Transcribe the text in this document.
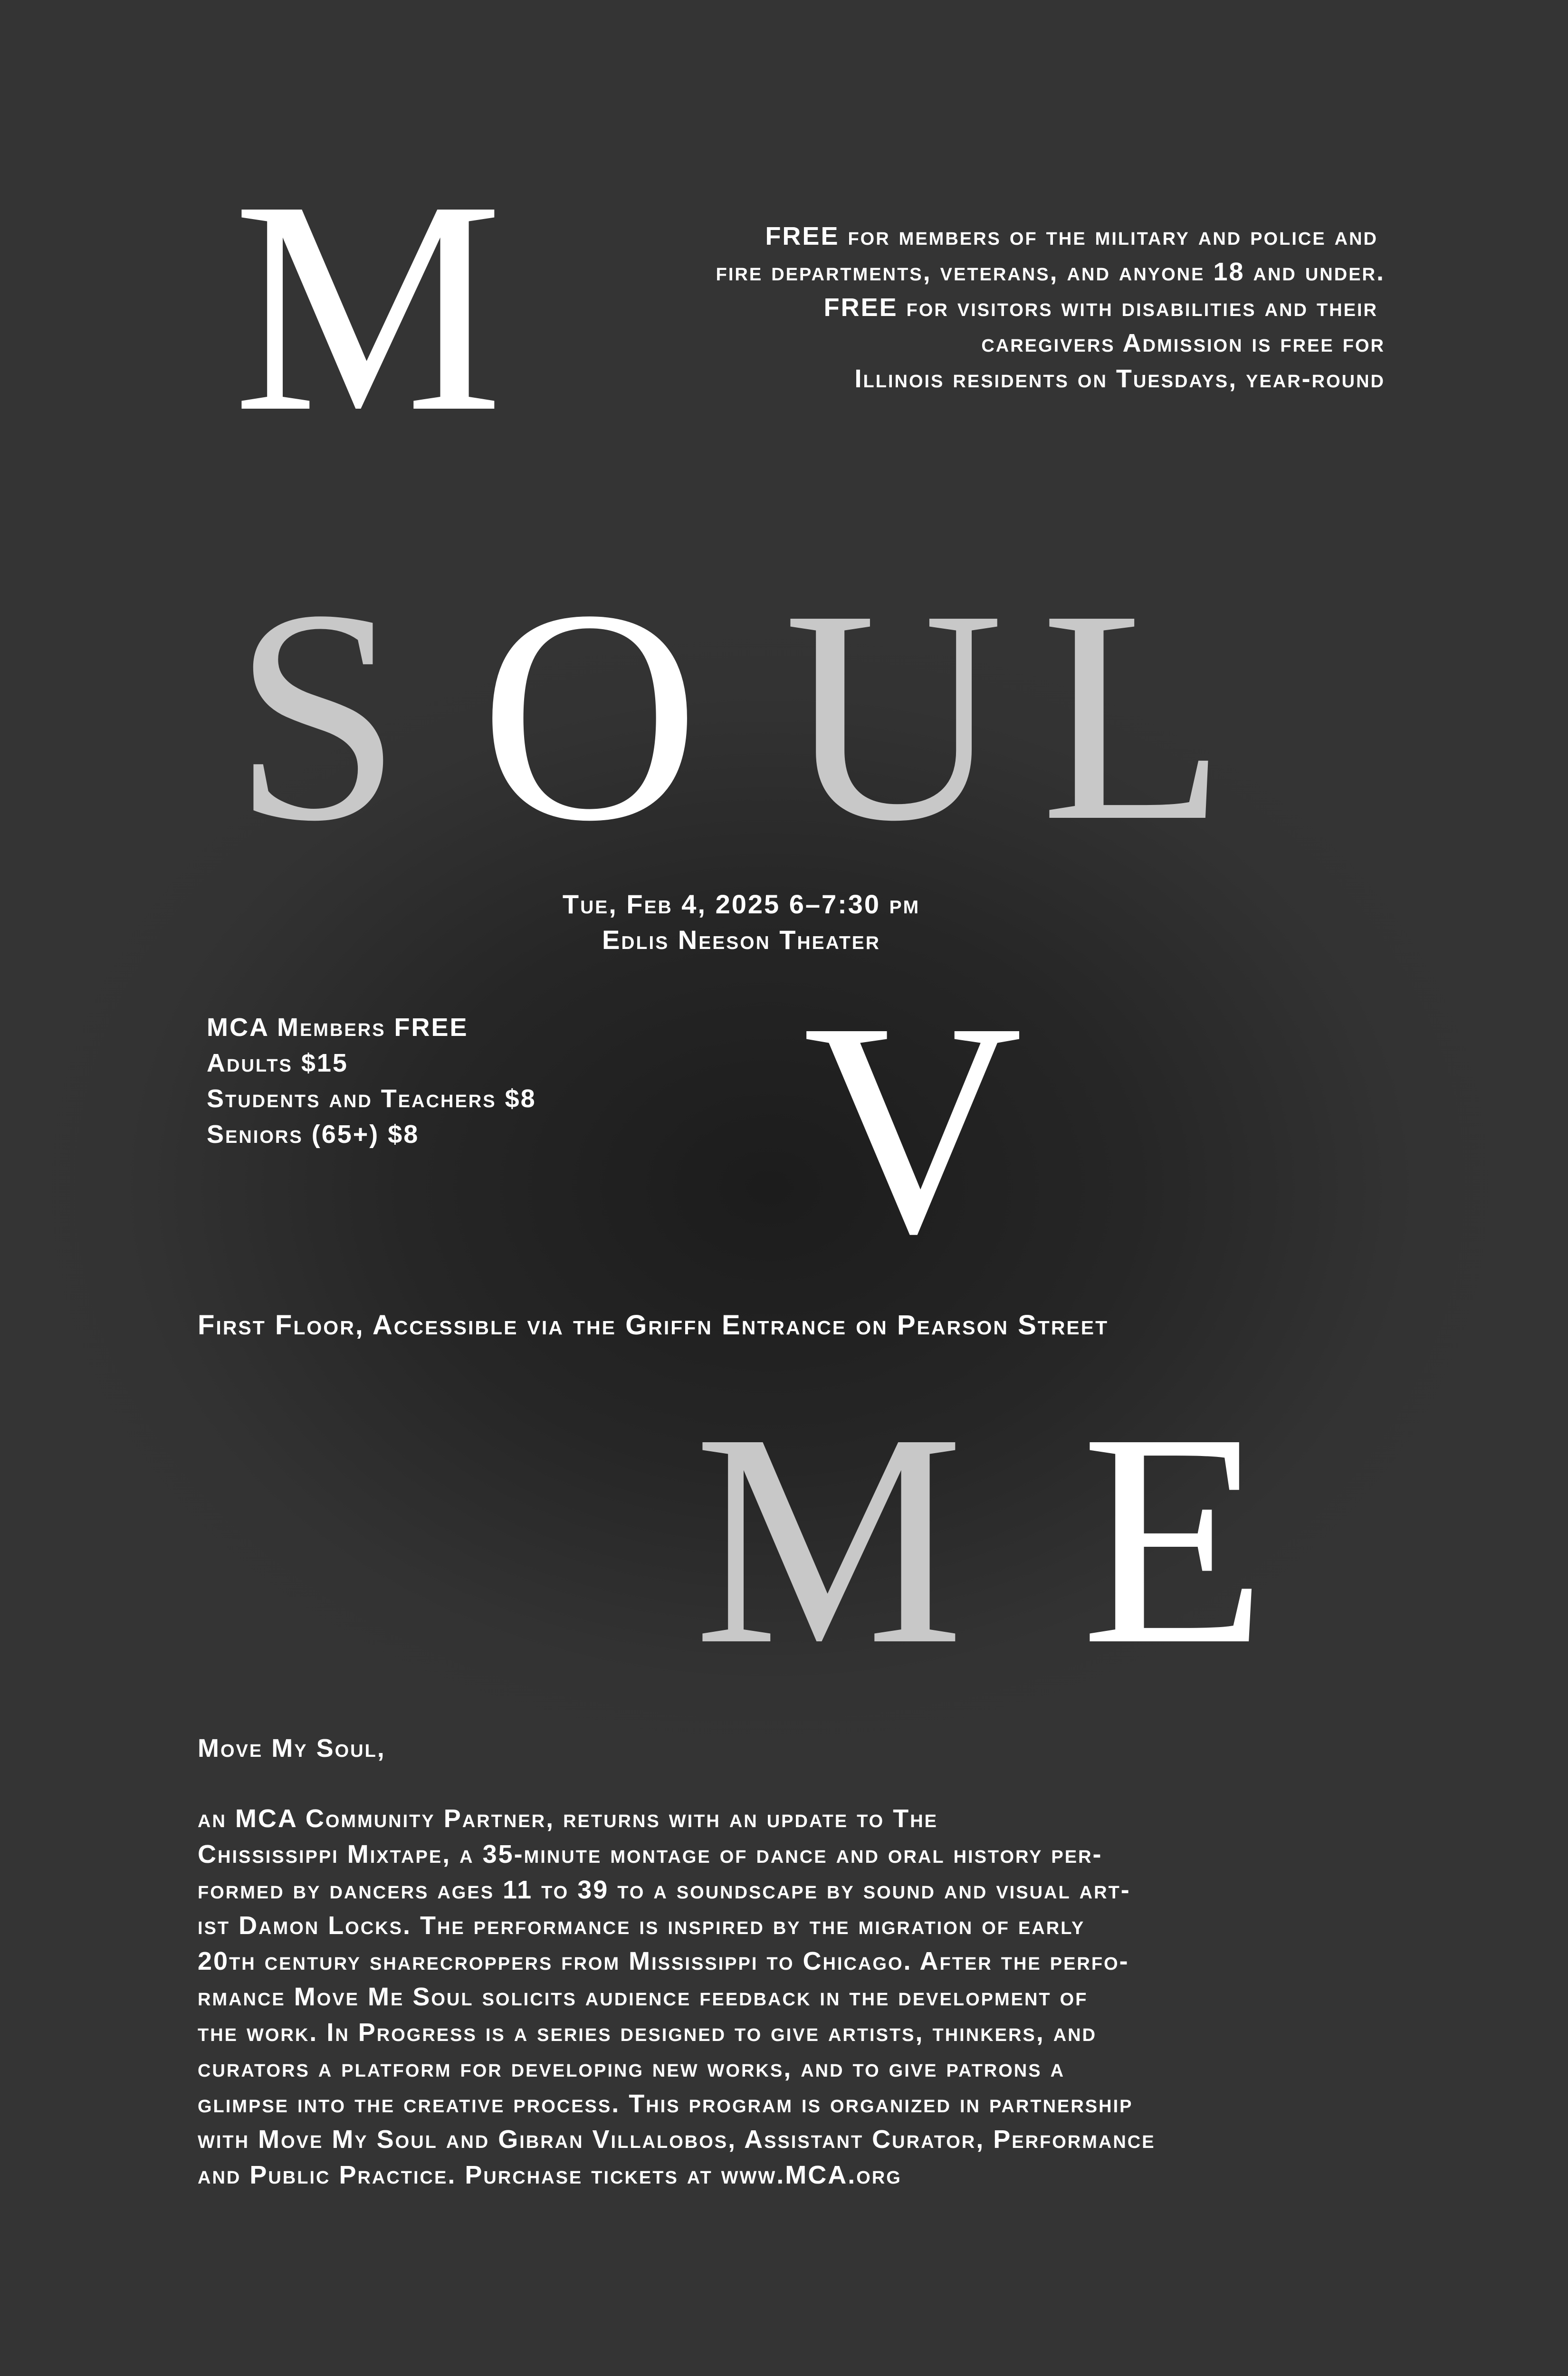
M	FREE for members of the military and police and
fire departments, veterans, and anyone 18 and under.
FREE for visitors with disabilities and their
caregivers Admission is free for
Illinois residents on Tuesdays, year-round
S O U L
Tue, Feb 4, 2025 6–7:30 pm
Edlis Neeson Theater
MCA Members FREE
Adults $15
Students and Teachers $8
Seniors (65+) $8 V
First Floor, Accessible via the Griffn Entrance on Pearson Street
M E
Move My Soul,
an MCA Community Partner, returns with an update to The
Chississippi Mixtape, a 35-minute montage of dance and oral history per-
formed by dancers ages 11 to 39 to a soundscape by sound and visual art-
ist Damon Locks. The performance is inspired by the migration of early
20th century sharecroppers from Mississippi to Chicago. After the perfo-
rmance Move Me Soul solicits audience feedback in the development of
the work. In Progress is a series designed to give artists, thinkers, and
curators a platform for developing new works, and to give patrons a
glimpse into the creative process. This program is organized in partnership
with Move My Soul and Gibran Villalobos, Assistant Curator, Performance
and Public Practice. Purchase tickets at www.MCA.org
